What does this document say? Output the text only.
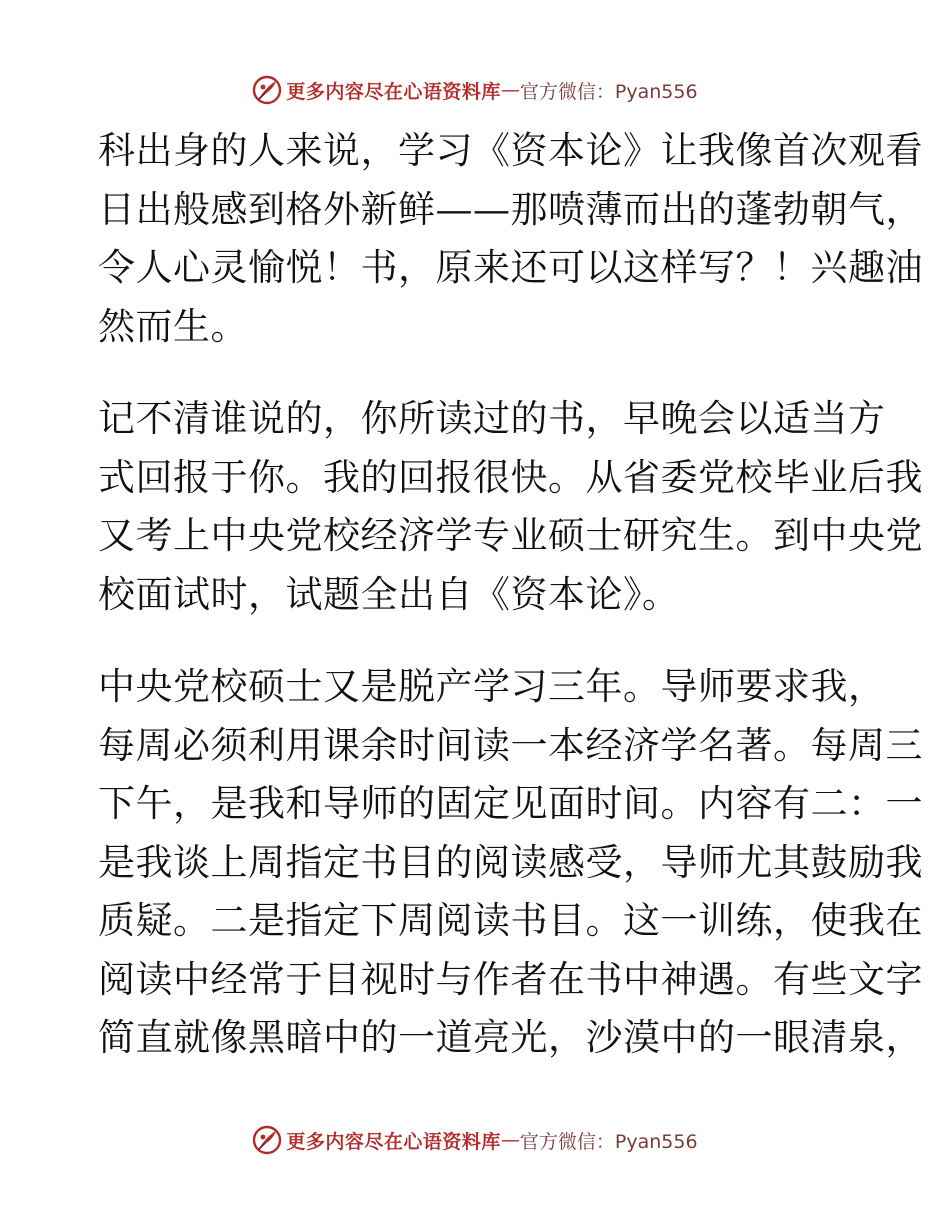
更多内容尽在心语资料库 — 官方微信：Pyan556
科出身的人来说，学习《资本论》让我像首次观看
日出般感到格外新鲜——那喷薄而出的蓬勃朝气，
令人心灵愉悦！书，原来还可以这样写？！兴趣油
然而生。
记不清谁说的，你所读过的书，早晚会以适当方
式回报于你。我的回报很快。从省委党校毕业后我
又考上中央党校经济学专业硕士研究生。到中央党
校面试时，试题全出自《资本论》。
中央党校硕士又是脱产学习三年。导师要求我，
每周必须利用课余时间读一本经济学名著。每周三
下午，是我和导师的固定见面时间。内容有二：一
是我谈上周指定书目的阅读感受，导师尤其鼓励我
质疑。二是指定下周阅读书目。这一训练，使我在
阅读中经常于目视时与作者在书中神遇。有些文字
简直就像黑暗中的一道亮光，沙漠中的一眼清泉，
更多内容尽在心语资料库 — 官方微信：Pyan556
